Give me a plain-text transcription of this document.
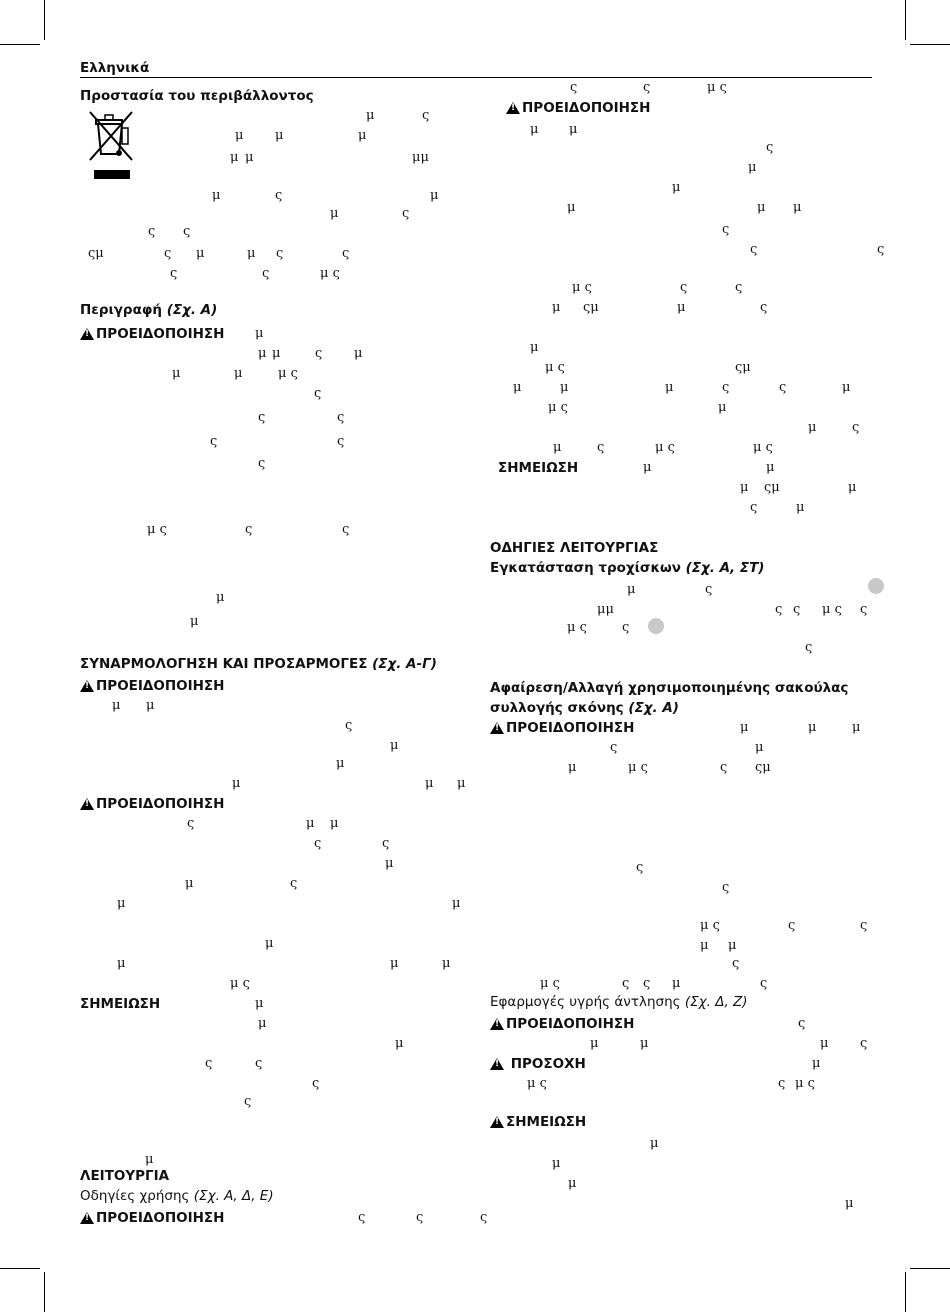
Ελληνικά
Προστασία του περιβάλλοντος
μ	ς
μ μ	μ
μ μ	μμ
μ	ς	μ
μ	ς
ς ς
ςμ	ς μ	μ ς	ς
ς	ς	μ ς
Περιγραφή (Σχ. Α)
!
ΠΡΟΕΙΔΟΠΟΙΗΣΗ μ
μ μ	ς μ
μ	μ	μ ς
ς
ς	ς
ς	ς
ς
μ ς	ς	ς
μ
μ
ΣΥΝΑΡΜΟΛΟΓΗΣΗ ΚΑΙ ΠΡΟΣΑΡΜΟΓΕΣ (Σχ. Α-Γ)
!
ΠΡΟΕΙΔΟΠΟΙΗΣΗ
μ μ
ς
μ
μ
μ	μ μ
!
ΠΡΟΕΙΔΟΠΟΙΗΣΗ
ς	μ μ
ς	ς
μ
μ	ς
μ	μ
μ
μ	μ	μ
μ ς
ΣΗΜΕΙΩΣΗ	μ
μ
μ
ς	ς
ς
ς
μ
ΛΕΙΤΟΥΡΓΙΑ
Οδηγίες χρήσης (Σχ. Α, Δ, Ε)
!
ΠΡΟΕΙΔΟΠΟΙΗΣΗ	ς	ς	ς
ς	ς	μ ς
!
ΠΡΟΕΙΔΟΠΟΙΗΣΗ
μ μ
ς
μ
μ
μ	μ μ
ς
ς	ς
μ ς	ς	ς
μ ςμ	μ	ς
μ
μ ς	ςμ
μ	μ	μ	ς	ς	μ
μ ς	μ
μ	ς
μ	ς	μ ς	μ ς
ΣΗΜΕΙΩΣΗ	μ	μ
μ ςμ	μ
ς	μ
ΟΔΗΓΙΕΣ ΛΕΙΤΟΥΡΓΙΑΣ
Εγκατάσταση τροχίσκων (Σχ. Α, ΣΤ)
μ	ς
μμ	ς ς μ ς ς
μ ς	ς
ς
Αφαίρεση/Αλλαγή χρησιμοποιημένης σακούλας
συλλογής σκόνης (Σχ. Α)
!
ΠΡΟΕΙΔΟΠΟΙΗΣΗ	μ	μ	μ
ς	μ
μ	μ ς	ς ςμ
ς
ς
μ ς	ς	ς
μ μ
ς
μ ς	ς ς μ	ς
Εφαρμογές υγρής άντλησης (Σχ. Δ, Ζ)
!
ΠΡΟΕΙΔΟΠΟΙΗΣΗ	ς
μ	μ	μ ς
!

ΠΡΟΣΟΧΗ	μ
μ ς	ς μ ς
!
ΣΗΜΕΙΩΣΗ
μ
μ
μ
μ
